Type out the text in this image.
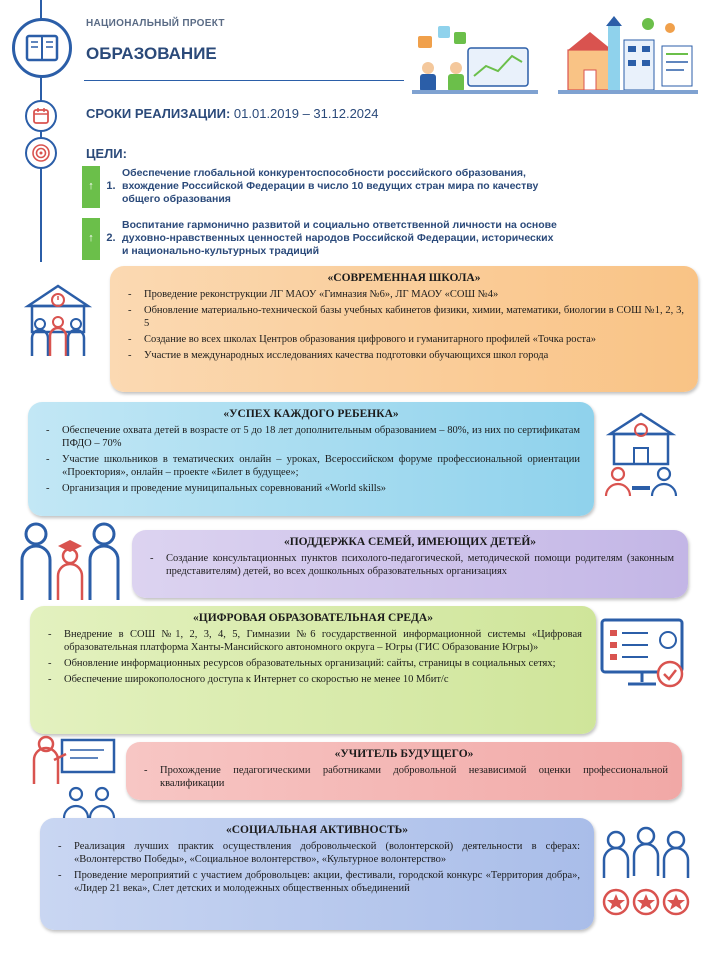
НАЦИОНАЛЬНЫЙ ПРОЕКТ
ОБРАЗОВАНИЕ
СРОКИ РЕАЛИЗАЦИИ: 01.01.2019 – 31.12.2024
ЦЕЛИ:
↑	1.
Обеспечение глобальной конкурентоспособности российского образования, вхождение Российской Федерации в число 10 ведущих стран мира по качеству общего образования
↑	2.
Воспитание гармонично развитой и социально ответственной личности на основе духовно-нравственных ценностей народов Российской Федерации, исторических и национально-культурных традиций
«СОВРЕМЕННАЯ ШКОЛА»
- Проведение реконструкции ЛГ МАОУ «Гимназия №6», ЛГ МАОУ «СОШ №4»
- Обновление материально-технической базы учебных кабинетов физики, химии, математики, биологии в СОШ №1, 2, 3, 5
- Создание во всех школах Центров образования цифрового и гуманитарного профилей «Точка роста»
- Участие в международных исследованиях качества подготовки обучающихся школ города
«УСПЕХ КАЖДОГО РЕБЕНКА»
- Обеспечение охвата детей в возрасте от 5 до 18 лет дополнительным образованием – 80%, из них по сертификатам ПФДО – 70%
- Участие школьников в тематических онлайн – уроках, Всероссийском форуме профессиональной ориентации «Проектория», онлайн – проекте «Билет в будущее»;
- Организация и проведение муниципальных соревнований «World skills»
«ПОДДЕРЖКА СЕМЕЙ, ИМЕЮЩИХ ДЕТЕЙ»
- Создание консультационных пунктов психолого-педагогической, методической помощи родителям (законным представителям) детей, во всех дошкольных образовательных организациях
«ЦИФРОВАЯ ОБРАЗОВАТЕЛЬНАЯ СРЕДА»
- Внедрение в СОШ №1, 2, 3, 4, 5, Гимназии №6 государственной информационной системы «Цифровая образовательная платформа Ханты-Мансийского автономного округа – Югры (ГИС Образование Югры)»
- Обновление информационных ресурсов образовательных организаций: сайты, страницы в социальных сетях;
- Обеспечение широкополосного доступа к Интернет со скоростью не менее 10 Мбит/с
«УЧИТЕЛЬ БУДУЩЕГО»
- Прохождение педагогическими работниками добровольной независимой оценки профессиональной квалификации
«СОЦИАЛЬНАЯ АКТИВНОСТЬ»
- Реализация лучших практик осуществления добровольческой (волонтерской) деятельности в сферах: «Волонтерство Победы», «Социальное волонтерство», «Культурное волонтерство»
- Проведение мероприятий с участием добровольцев: акции, фестивали, городской конкурс «Территория добра», «Лидер 21 века», Слет детских и молодежных общественных объединений
